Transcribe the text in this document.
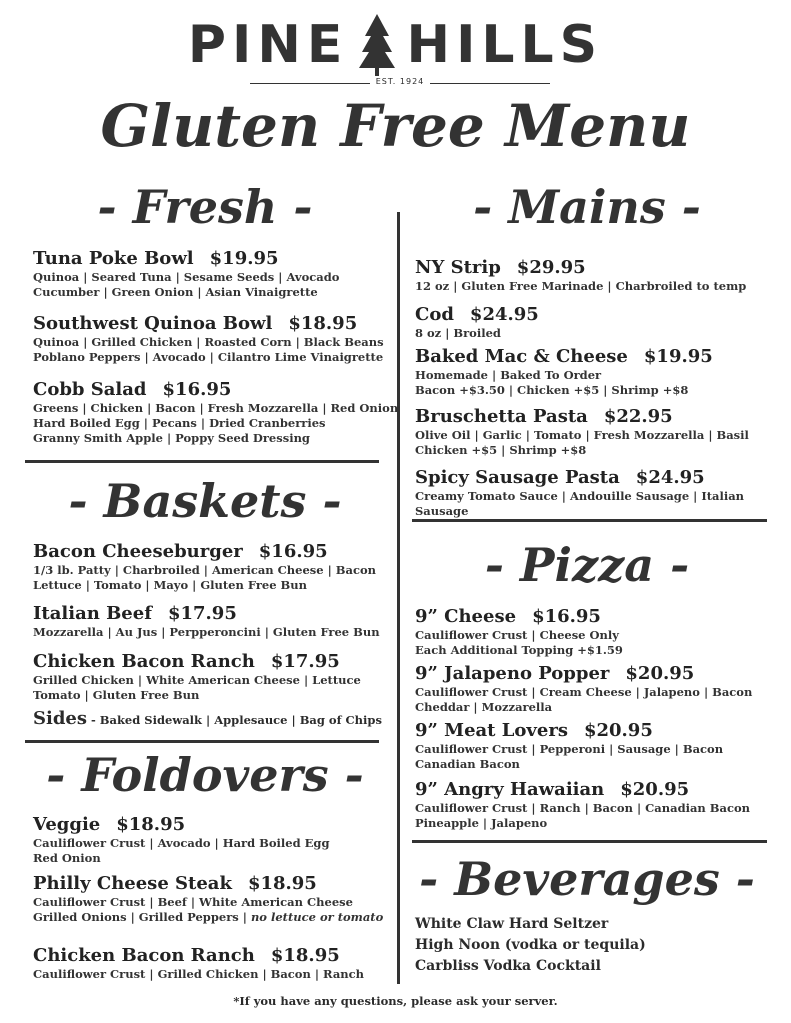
PINE HILLS
EST. 1924
Gluten Free Menu
- Fresh -
Tuna Poke Bowl $19.95
Quinoa | Seared Tuna | Sesame Seeds | Avocado
Cucumber | Green Onion | Asian Vinaigrette
Southwest Quinoa Bowl $18.95
Quinoa | Grilled Chicken | Roasted Corn | Black Beans
Poblano Peppers | Avocado | Cilantro Lime Vinaigrette
Cobb Salad $16.95
Greens | Chicken | Bacon | Fresh Mozzarella | Red Onion
Hard Boiled Egg | Pecans | Dried Cranberries
Granny Smith Apple | Poppy Seed Dressing
- Baskets -
Bacon Cheeseburger $16.95
1/3 lb. Patty | Charbroiled | American Cheese | Bacon
Lettuce | Tomato | Mayo | Gluten Free Bun
Italian Beef $17.95
Mozzarella | Au Jus | Perpperoncini | Gluten Free Bun
Chicken Bacon Ranch $17.95
Grilled Chicken | White American Cheese | Lettuce
Tomato | Gluten Free Bun
Sides - Baked Sidewalk | Applesauce | Bag of Chips
- Foldovers -
Veggie $18.95
Cauliflower Crust | Avocado | Hard Boiled Egg
Red Onion
Philly Cheese Steak $18.95
Cauliflower Crust | Beef | White American Cheese
Grilled Onions | Grilled Peppers | no lettuce or tomato
Chicken Bacon Ranch $18.95
Cauliflower Crust | Grilled Chicken | Bacon | Ranch
- Mains -
NY Strip $29.95
12 oz | Gluten Free Marinade | Charbroiled to temp
Cod $24.95
8 oz | Broiled
Baked Mac & Cheese $19.95
Homemade | Baked To Order
Bacon +$3.50 | Chicken +$5 | Shrimp +$8
Bruschetta Pasta $22.95
Olive Oil | Garlic | Tomato | Fresh Mozzarella | Basil
Chicken +$5 | Shrimp +$8
Spicy Sausage Pasta $24.95
Creamy Tomato Sauce | Andouille Sausage | Italian Sausage
- Pizza -
9” Cheese $16.95
Cauliflower Crust | Cheese Only
Each Additional Topping +$1.59
9” Jalapeno Popper $20.95
Cauliflower Crust | Cream Cheese | Jalapeno | Bacon
Cheddar | Mozzarella
9” Meat Lovers $20.95
Cauliflower Crust | Pepperoni | Sausage | Bacon
Canadian Bacon
9” Angry Hawaiian $20.95
Cauliflower Crust | Ranch | Bacon | Canadian Bacon
Pineapple | Jalapeno
- Beverages -
White Claw Hard Seltzer
High Noon (vodka or tequila)
Carbliss Vodka Cocktail
*If you have any questions, please ask your server.
